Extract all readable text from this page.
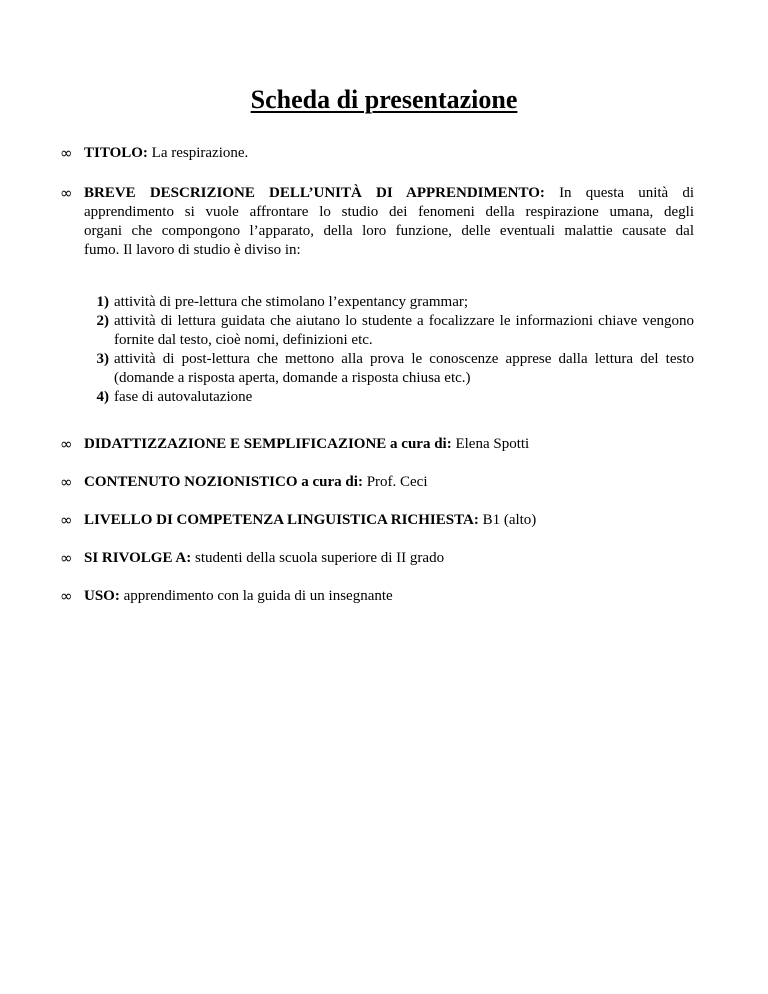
Scheda di presentazione
∞ TITOLO: La respirazione.
∞ BREVE DESCRIZIONE DELL’UNITÀ DI APPRENDIMENTO: In questa unità di
apprendimento si vuole affrontare lo studio dei fenomeni della respirazione umana, degli
organi che compongono l’apparato, della loro funzione, delle eventuali malattie causate dal
fumo. Il lavoro di studio è diviso in:
1) attività di pre-lettura che stimolano l’expentancy grammar;
2) attività di lettura guidata che aiutano lo studente a focalizzare le informazioni chiave vengono
fornite dal testo, cioè nomi, definizioni etc.
3) attività di post-lettura che mettono alla prova le conoscenze apprese dalla lettura del testo
(domande a risposta aperta, domande a risposta chiusa etc.)
4) fase di autovalutazione
∞ DIDATTIZZAZIONE E SEMPLIFICAZIONE a cura di: Elena Spotti
∞ CONTENUTO NOZIONISTICO a cura di: Prof. Ceci
∞ LIVELLO DI COMPETENZA LINGUISTICA RICHIESTA: B1 (alto)
∞ SI RIVOLGE A: studenti della scuola superiore di II grado
∞ USO: apprendimento con la guida di un insegnante
